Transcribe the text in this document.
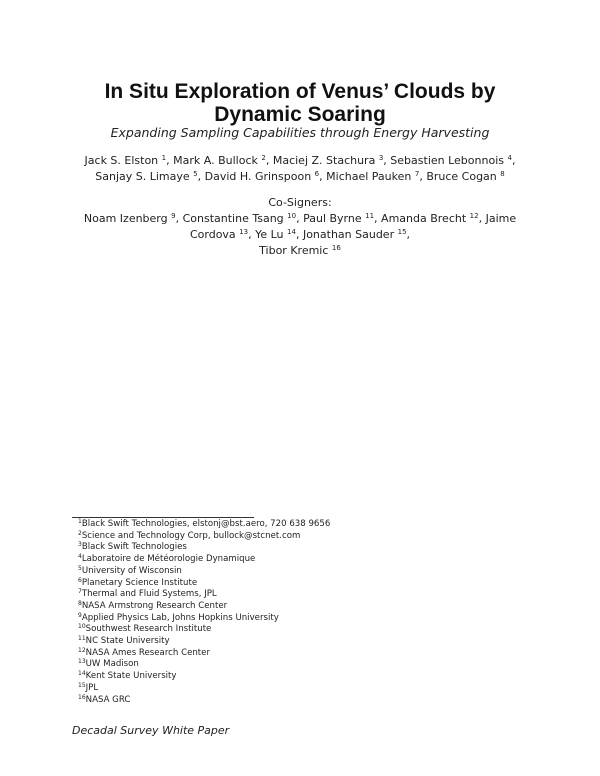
In Situ Exploration of Venus’ Clouds by
Dynamic Soaring
Expanding Sampling Capabilities through Energy Harvesting
Jack S. Elston $^1$, Mark A. Bullock $^2$, Maciej Z. Stachura $^3$, Sebastien Lebonnois $^4$, Sanjay S. Limaye $^5$, David H. Grinspoon $^6$, Michael Pauken $^7$, Bruce Cogan $^8$
Co-Signers:
Noam Izenberg $^9$, Constantine Tsang $^{10}$, Paul Byrne $^{11}$, Amanda Brecht $^{12}$, Jaime Cordova $^{13}$, Ye Lu $^{14}$, Jonathan Sauder $^{15}$,
Tibor Kremic $^{16}$
$^1$Black Swift Technologies, elstonj@bst.aero, 720 638 9656
$^2$Science and Technology Corp, bullock@stcnet.com
$^3$Black Swift Technologies
$^4$Laboratoire de Météorologie Dynamique
$^5$University of Wisconsin
$^6$Planetary Science Institute
$^7$Thermal and Fluid Systems, JPL
$^8$NASA Armstrong Research Center
$^9$Applied Physics Lab, Johns Hopkins University
$^{10}$Southwest Research Institute
$^{11}$NC State University
$^{12}$NASA Ames Research Center
$^{13}$UW Madison
$^{14}$Kent State University
$^{15}$JPL
$^{16}$NASA GRC
Decadal Survey White Paper
